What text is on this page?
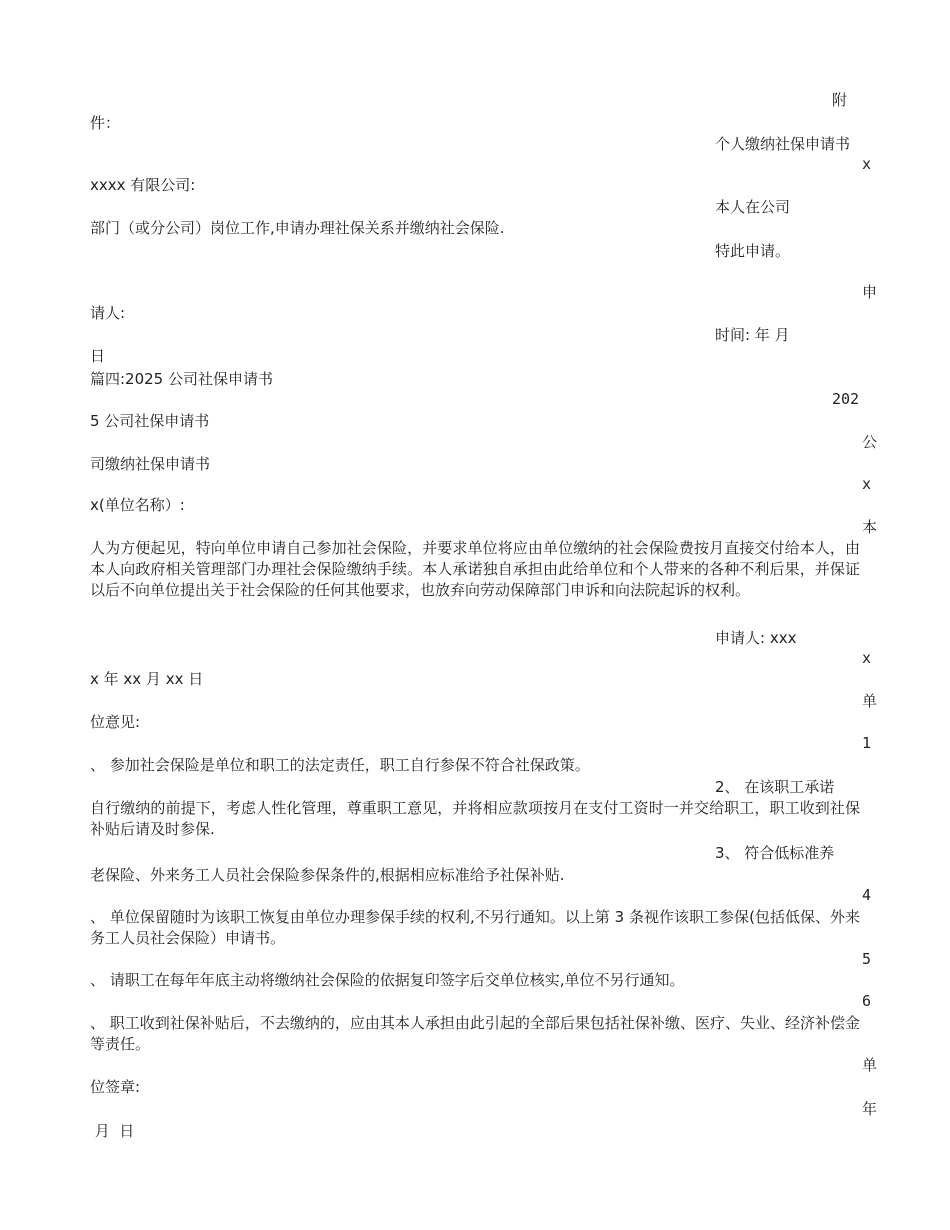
附
件：
个人缴纳社保申请书
x
xxxx 有限公司:
本人在公司
部门（或分公司）岗位工作,申请办理社保关系并缴纳社会保险.
特此申请。
申
请人:
时间: 年 月
日
篇四:2025 公司社保申请书
202
5 公司社保申请书
公
司缴纳社保申请书
x
x(单位名称）:
本
人为方便起见，特向单位申请自己参加社会保险，并要求单位将应由单位缴纳的社会保险费按月直接交付给本人，由本人向政府相关管理部门办理社会保险缴纳手续。本人承诺独自承担由此给单位和个人带来的各种不利后果，并保证以后不向单位提出关于社会保险的任何其他要求，也放弃向劳动保障部门申诉和向法院起诉的权利。
申请人: xxx
x
x 年 xx 月 xx 日
单
位意见:
1
、 参加社会保险是单位和职工的法定责任，职工自行参保不符合社保政策。
2、 在该职工承诺
自行缴纳的前提下，考虑人性化管理，尊重职工意见，并将相应款项按月在支付工资时一并交给职工，职工收到社保补贴后请及时参保.
3、 符合低标准养
老保险、外来务工人员社会保险参保条件的,根据相应标准给予社保补贴.
4
、 单位保留随时为该职工恢复由单位办理参保手续的权利,不另行通知。以上第 3 条视作该职工参保(包括低保、外来务工人员社会保险）申请书。
5
、 请职工在每年年底主动将缴纳社会保险的依据复印签字后交单位核实,单位不另行通知。
6
、 职工收到社保补贴后，不去缴纳的，应由其本人承担由此引起的全部后果包括社保补缴、医疗、失业、经济补偿金等责任。
单
位签章:
年
月  日
